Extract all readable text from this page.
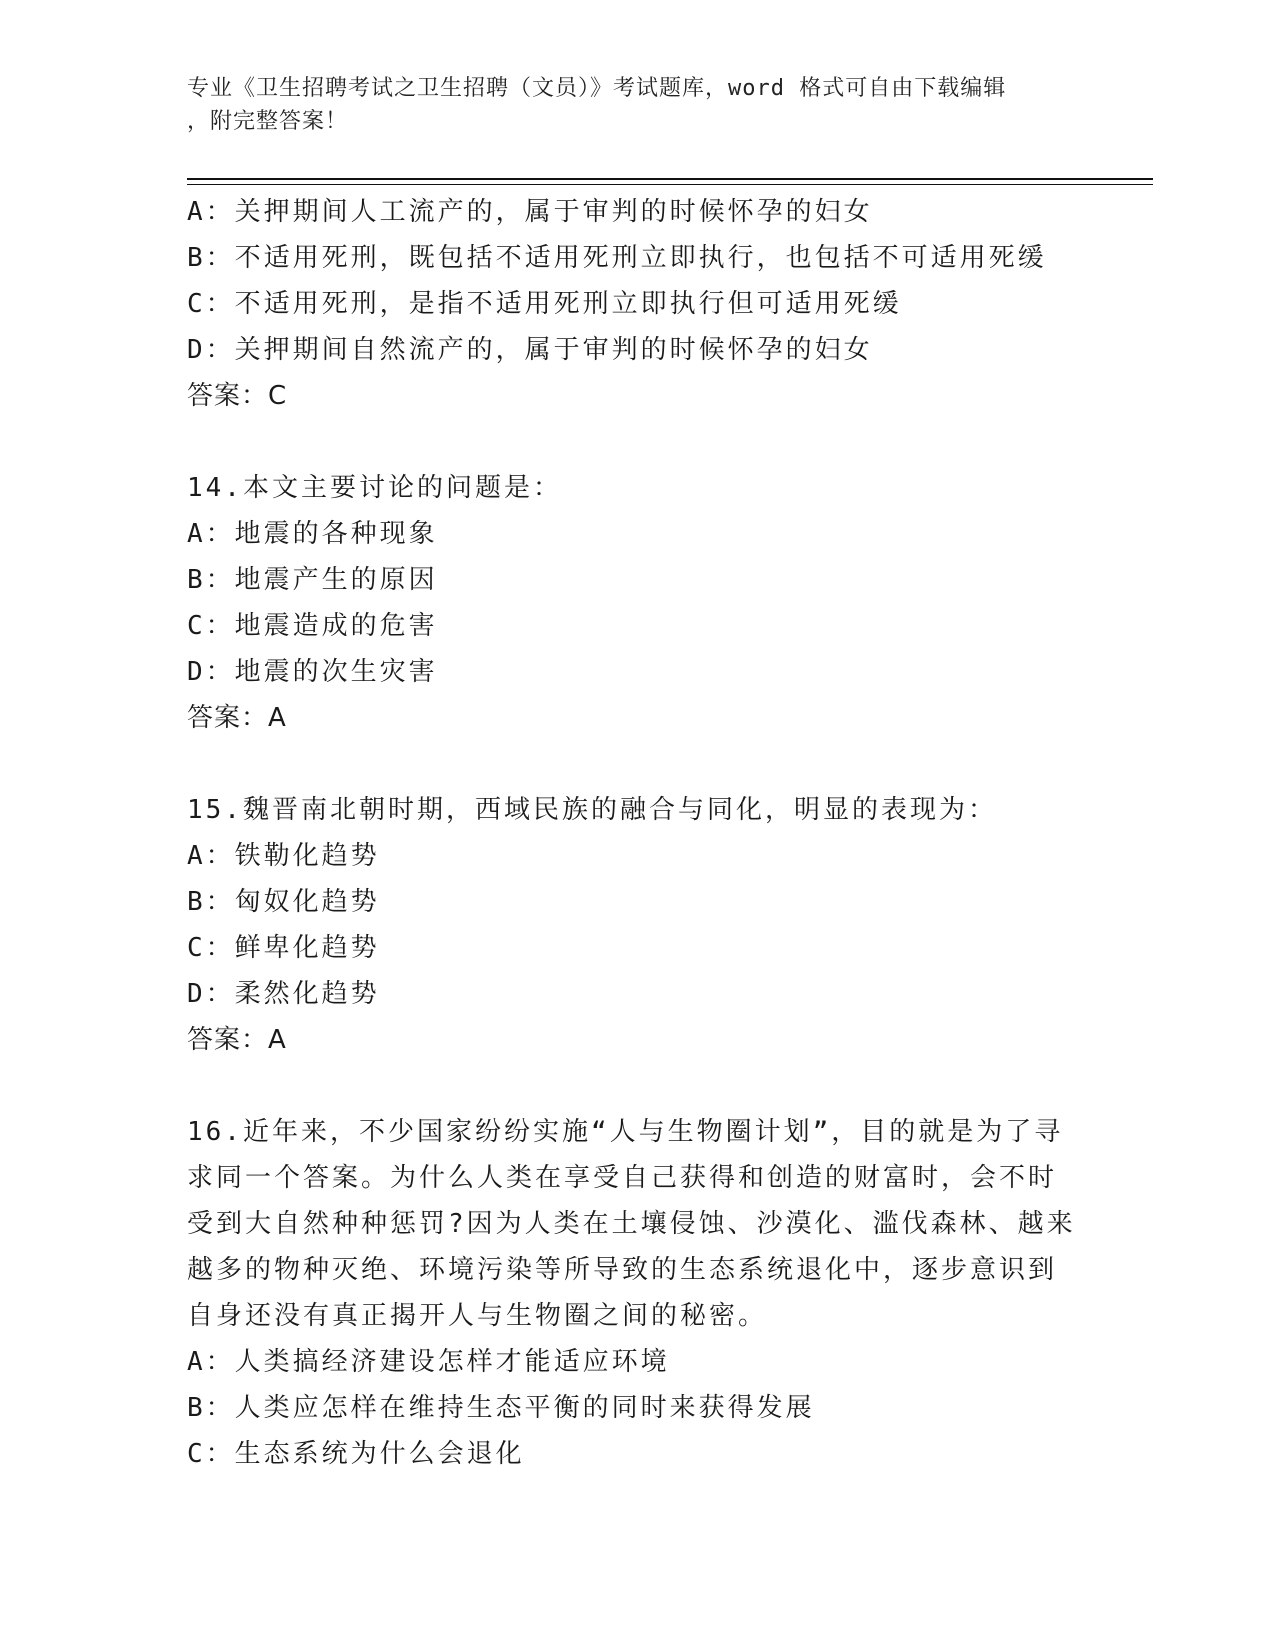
专业《卫生招聘考试之卫生招聘（文员）》考试题库，word 格式可自由下载编辑
，附完整答案！
A：关押期间人工流产的，属于审判的时候怀孕的妇女
B：不适用死刑，既包括不适用死刑立即执行，也包括不可适用死缓
C：不适用死刑，是指不适用死刑立即执行但可适用死缓
D：关押期间自然流产的，属于审判的时候怀孕的妇女
答案：C
14.本文主要讨论的问题是：
A：地震的各种现象
B：地震产生的原因
C：地震造成的危害
D：地震的次生灾害
答案：A
15.魏晋南北朝时期，西域民族的融合与同化，明显的表现为：
A：铁勒化趋势
B：匈奴化趋势
C：鲜卑化趋势
D：柔然化趋势
答案：A
16.近年来，不少国家纷纷实施“人与生物圈计划”，目的就是为了寻
求同一个答案。为什么人类在享受自己获得和创造的财富时，会不时
受到大自然种种惩罚?因为人类在土壤侵蚀、沙漠化、滥伐森林、越来
越多的物种灭绝、环境污染等所导致的生态系统退化中，逐步意识到
自身还没有真正揭开人与生物圈之间的秘密。
A：人类搞经济建设怎样才能适应环境
B：人类应怎样在维持生态平衡的同时来获得发展
C：生态系统为什么会退化
